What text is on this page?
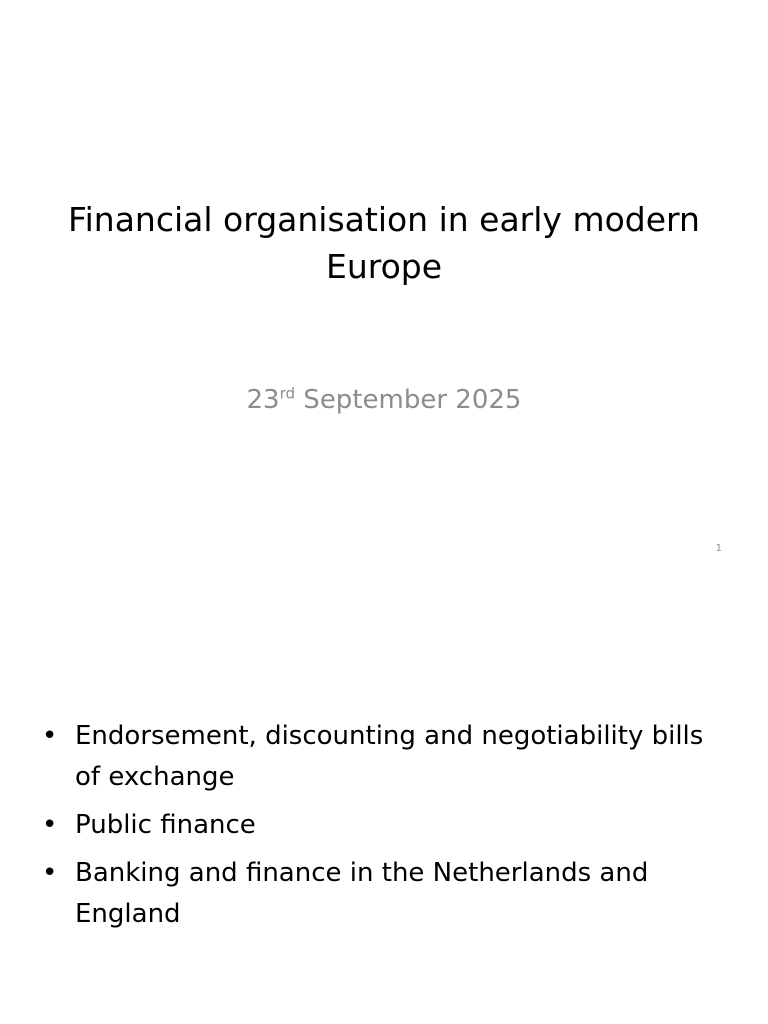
Financial organisation in early modern Europe
23rd September 2025
1
• Endorsement, discounting and negotiability bills of exchange
• Public finance
• Banking and finance in the Netherlands and England
